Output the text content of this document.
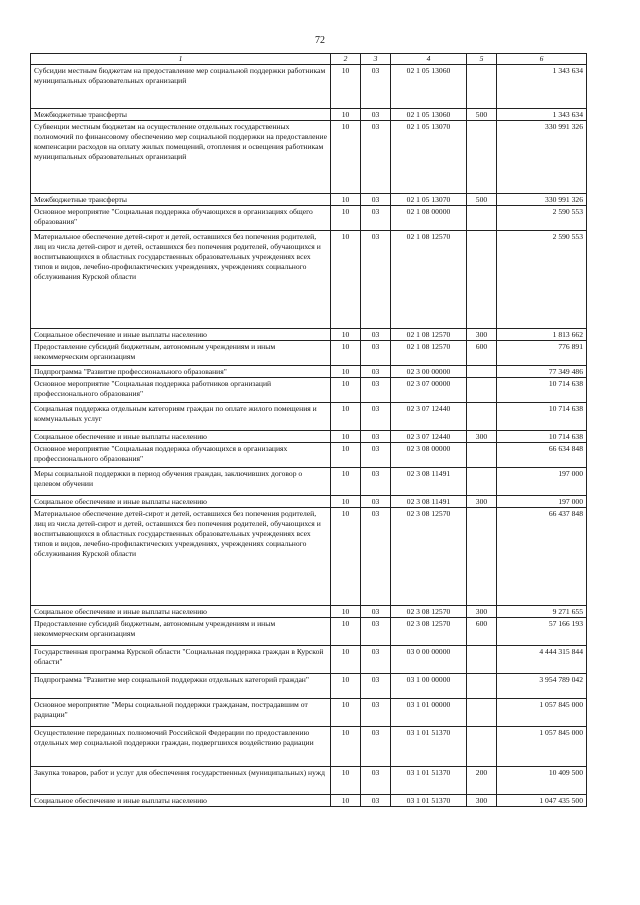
72
1	2	3	4	5	6
Субсидии местным бюджетам на предоставление мер социальной поддержки работникам муниципальных образовательных организаций	10	03	02 1 05 13060		1 343 634
Межбюджетные трансферты	10	03	02 1 05 13060	500	1 343 634
Субвенции местным бюджетам на осуществление отдельных государственных полномочий по финансовому обеспечению мер социальной поддержки на предоставление компенсации расходов на оплату жилых помещений, отопления и освещения работникам муниципальных образовательных организаций	10	03	02 1 05 13070		330 991 326
Межбюджетные трансферты	10	03	02 1 05 13070	500	330 991 326
Основное мероприятие "Социальная поддержка обучающихся в организациях общего образования"	10	03	02 1 08 00000		2 590 553
Материальное обеспечение детей-сирот и детей, оставшихся без попечения родителей, лиц из числа детей-сирот и детей, оставшихся без попечения родителей, обучающихся и воспитывающихся в областных государственных образовательных учреждениях всех типов и видов, лечебно-профилактических учреждениях, учреждениях социального обслуживания Курской области	10	03	02 1 08 12570		2 590 553
Социальное обеспечение и иные выплаты населению	10	03	02 1 08 12570	300	1 813 662
Предоставление субсидий бюджетным, автономным учреждениям и иным некоммерческим организациям	10	03	02 1 08 12570	600	776 891
Подпрограмма "Развитие профессионального образования"	10	03	02 3 00 00000		77 349 486
Основное мероприятие "Социальная поддержка работников организаций профессионального образования"	10	03	02 3 07 00000		10 714 638
Социальная поддержка отдельным категориям граждан по оплате жилого помещения и коммунальных услуг	10	03	02 3 07 12440		10 714 638
Социальное обеспечение и иные выплаты населению	10	03	02 3 07 12440	300	10 714 638
Основное мероприятие "Социальная поддержка обучающихся в организациях профессионального образования"	10	03	02 3 08 00000		66 634 848
Меры социальной поддержки в период обучения граждан, заключивших договор о целевом обучении	10	03	02 3 08 11491		197 000
Социальное обеспечение и иные выплаты населению	10	03	02 3 08 11491	300	197 000
Материальное обеспечение детей-сирот и детей, оставшихся без попечения родителей, лиц из числа детей-сирот и детей, оставшихся без попечения родителей, обучающихся и воспитывающихся в областных государственных образовательных учреждениях всех типов и видов, лечебно-профилактических учреждениях, учреждениях социального обслуживания Курской области	10	03	02 3 08 12570		66 437 848
Социальное обеспечение и иные выплаты населению	10	03	02 3 08 12570	300	9 271 655
Предоставление субсидий бюджетным, автономным учреждениям и иным некоммерческим организациям	10	03	02 3 08 12570	600	57 166 193
Государственная программа Курской области "Социальная поддержка граждан в Курской области"	10	03	03 0 00 00000		4 444 315 844
Подпрограмма "Развитие мер социальной поддержки отдельных категорий граждан"	10	03	03 1 00 00000		3 954 789 042
Основное мероприятие "Меры социальной поддержки гражданам, пострадавшим от радиации"	10	03	03 1 01 00000		1 057 845 000
Осуществление переданных полномочий Российской Федерации по предоставлению отдельных мер социальной поддержки граждан, подвергшихся воздействию радиации	10	03	03 1 01 51370		1 057 845 000
Закупка товаров, работ и услуг для обеспечения государственных (муниципальных) нужд	10	03	03 1 01 51370	200	10 409 500
Социальное обеспечение и иные выплаты населению	10	03	03 1 01 51370	300	1 047 435 500
